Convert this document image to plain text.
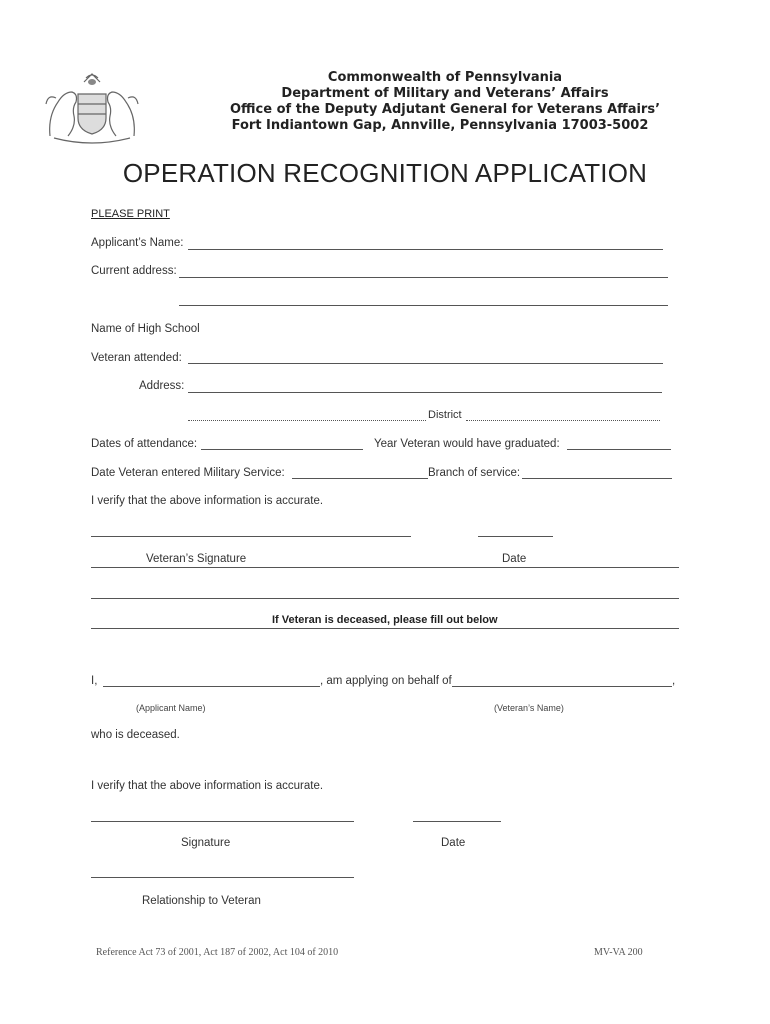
Commonwealth of Pennsylvania
Department of Military and Veterans’ Affairs
Office of the Deputy Adjutant General for Veterans Affairs’
Fort Indiantown Gap, Annville, Pennsylvania 17003-5002
OPERATION RECOGNITION APPLICATION
PLEASE PRINT
Applicant’s Name:
Current address:
Name of High School
Veteran attended:
Address:
District
Dates of attendance:	Year Veteran would have graduated:
Date Veteran entered Military Service:	Branch of service:
I verify that the above information is accurate.
Veteran’s Signature	Date
If Veteran is deceased, please fill out below
I,	, am applying on behalf of	,
(Applicant Name)	(Veteran’s Name)
who is deceased.
I verify that the above information is accurate.
Signature	Date
Relationship to Veteran
Reference Act 73 of 2001, Act 187 of 2002, Act 104 of 2010	MV-VA 200
